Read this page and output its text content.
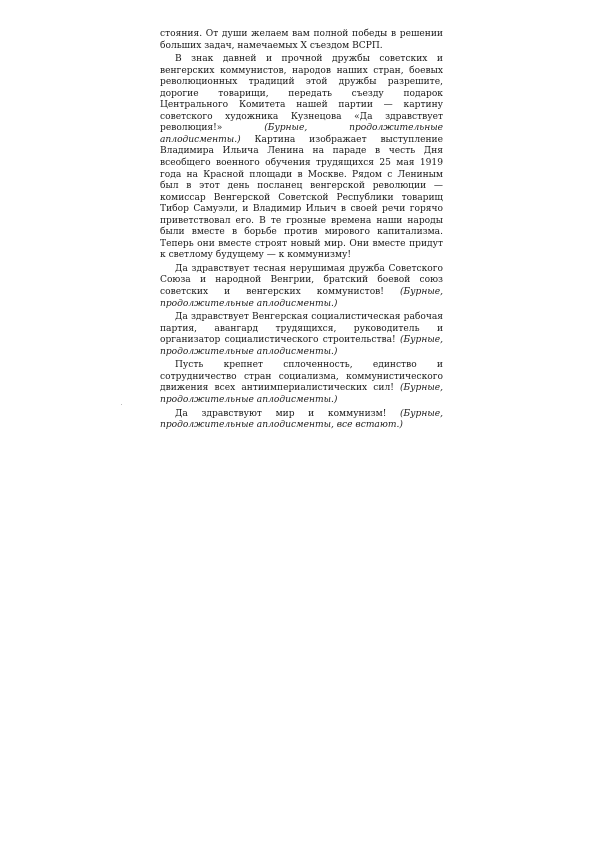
стояния. От души желаем вам полной победы в решении больших задач, намечаемых X съездом ВСРП.

В знак давней и прочной дружбы советских и венгерских коммунистов, народов наших стран, боевых революционных традиций этой дружбы разрешите, дорогие товарищи, передать съезду подарок Центрального Комитета нашей партии — картину советского художника Кузнецова «Да здравствует революция!» (Бурные, продолжительные аплодисменты.) Картина изображает выступление Владимира Ильича Ленина на параде в честь Дня всеобщего военного обучения трудящихся 25 мая 1919 года на Красной площади в Москве. Рядом с Лениным был в этот день посланец венгерской революции — комиссар Венгерской Советской Республики товарищ Тибор Самуэли, и Владимир Ильич в своей речи горячо приветствовал его. В те грозные времена наши народы были вместе в борьбе против мирового капитализма. Теперь они вместе строят новый мир. Они вместе придут к светлому будущему — к коммунизму!

Да здравствует тесная нерушимая дружба Советского Союза и народной Венгрии, братский боевой союз советских и венгерских коммунистов! (Бурные, продолжительные аплодисменты.)

Да здравствует Венгерская социалистическая рабочая партия, авангард трудящихся, руководитель и организатор социалистического строительства! (Бурные, продолжительные аплодисменты.)

Пусть крепнет сплоченность, единство и сотрудничество стран социализма, коммунистического движения всех антиимпериалистических сил! (Бурные, продолжительные аплодисменты.)

Да здравствуют мир и коммунизм! (Бурные, продолжительные аплодисменты, все встают.)
